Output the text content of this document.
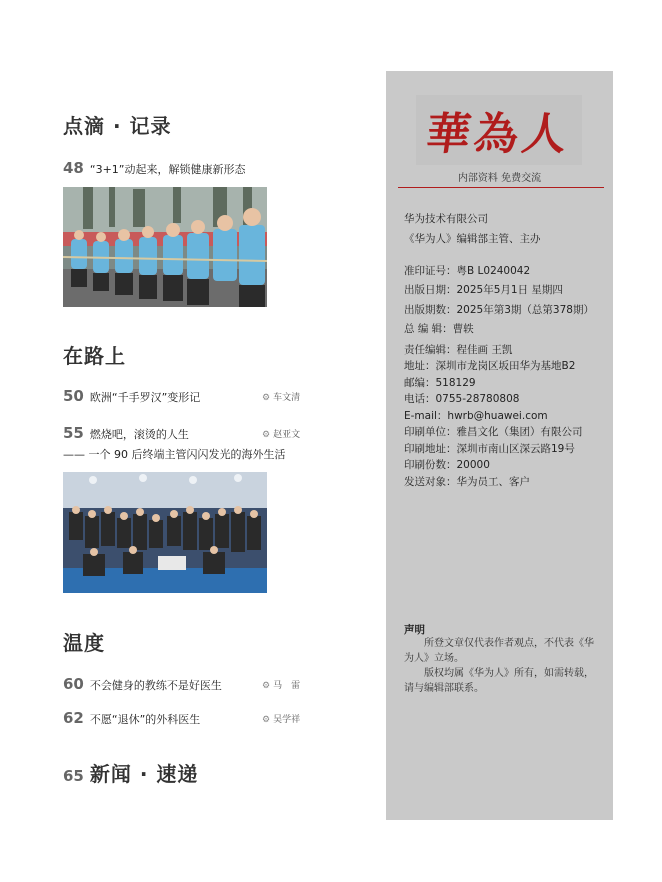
点滴 · 记录
48 “3+1”动起来，解锁健康新形态
在路上
50 欧洲“千手罗汉”变形记	⚙ 车文清
55 燃烧吧，滚烫的人生	⚙ 赵亚文
—— 一个 90 后终端主管闪闪发光的海外生活
温度
60 不会健身的教练不是好医生	⚙ 马　雷
62 不愿“退休”的外科医生	⚙ 吴学祥
65 新闻 · 速递
華為人
内部资料 免费交流
华为技术有限公司
《华为人》编辑部主管、主办
准印证号：粤B L0240042
出版日期：2025年5月1日 星期四
出版期数：2025年第3期（总第378期）
总 编 辑：曹轶
责任编辑：程佳画 王凯
地址：深圳市龙岗区坂田华为基地B2
邮编：518129
电话：0755-28780808
E-mail：hwrb@huawei.com
印刷单位：雅昌文化（集团）有限公司
印刷地址：深圳市南山区深云路19号
印刷份数：20000
发送对象：华为员工、客户
声明
所登文章仅代表作者观点，不代表《华为人》立场。
版权均属《华为人》所有，如需转载，请与编辑部联系。
